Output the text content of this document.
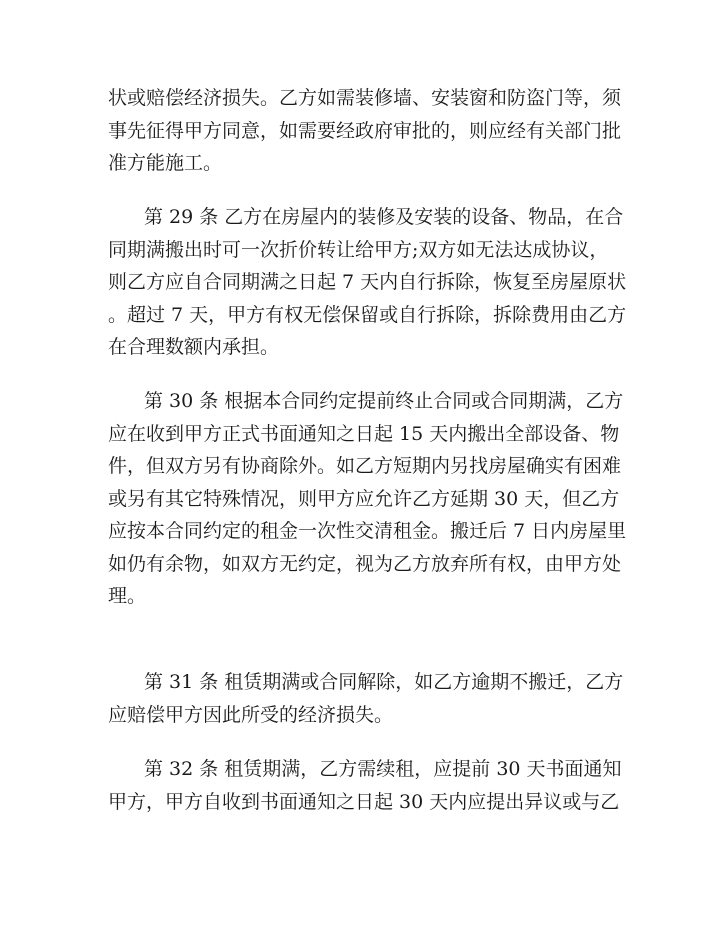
状或赔偿经济损失。乙方如需装修墙、安装窗和防盗门等，须
事先征得甲方同意，如需要经政府审批的，则应经有关部门批
准方能施工。

第 29 条 乙方在房屋内的装修及安装的设备、物品，在合
同期满搬出时可一次折价转让给甲方;双方如无法达成协议，
则乙方应自合同期满之日起 7 天内自行拆除，恢复至房屋原状
。超过 7 天，甲方有权无偿保留或自行拆除，拆除费用由乙方
在合理数额内承担。

第 30 条 根据本合同约定提前终止合同或合同期满，乙方
应在收到甲方正式书面通知之日起 15 天内搬出全部设备、物
件，但双方另有协商除外。如乙方短期内另找房屋确实有困难
或另有其它特殊情况，则甲方应允许乙方延期 30 天，但乙方
应按本合同约定的租金一次性交清租金。搬迁后 7 日内房屋里
如仍有余物，如双方无约定，视为乙方放弃所有权，由甲方处
理。

第 31 条 租赁期满或合同解除，如乙方逾期不搬迁，乙方
应赔偿甲方因此所受的经济损失。

第 32 条 租赁期满，乙方需续租，应提前 30 天书面通知
甲方，甲方自收到书面通知之日起 30 天内应提出异议或与乙
